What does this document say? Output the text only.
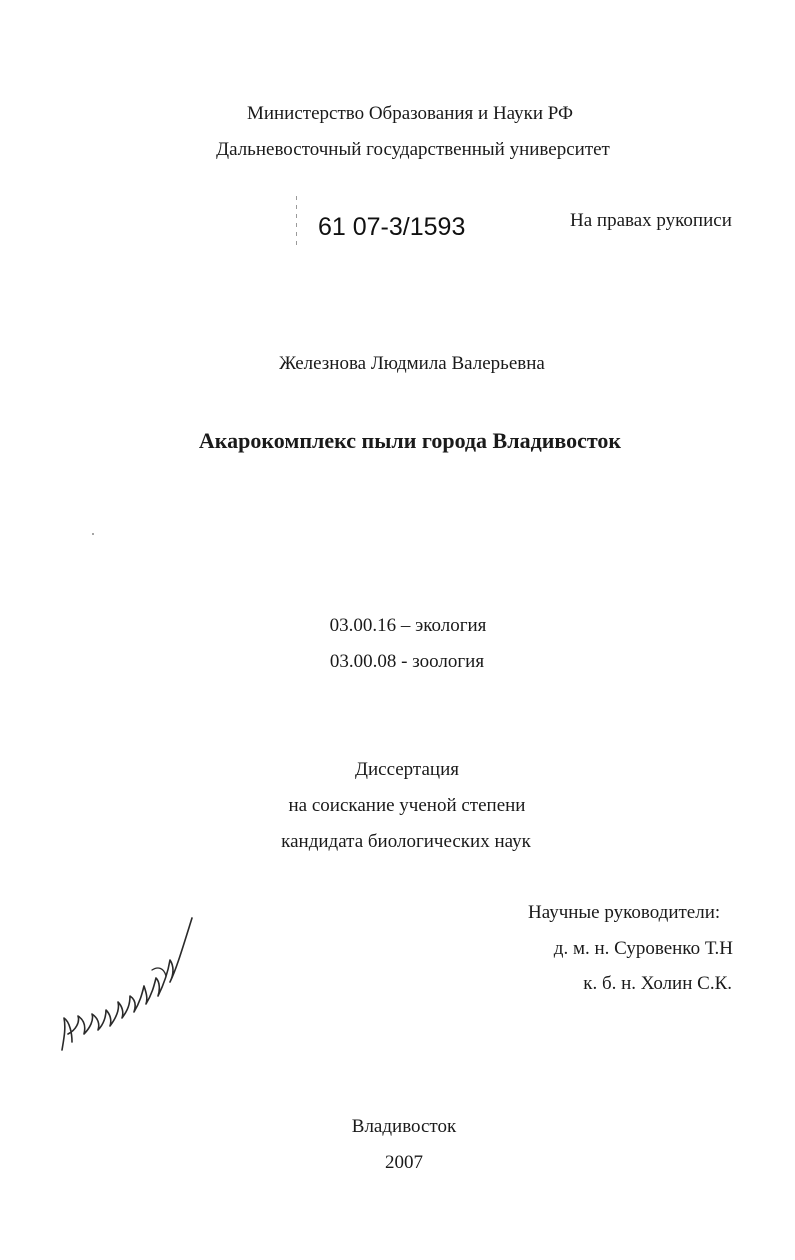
Министерство Образования и Науки РФ
Дальневосточный государственный университет
61 07-3/1593	На правах рукописи
Железнова Людмила Валерьевна
Акарокомплекс пыли города Владивосток
03.00.16 – экология
03.00.08 - зоология
Диссертация
на соискание ученой степени
кандидата биологических наук
Научные руководители:
д. м. н. Суровенко Т.Н
к. б. н. Холин С.К.
Владивосток
2007
